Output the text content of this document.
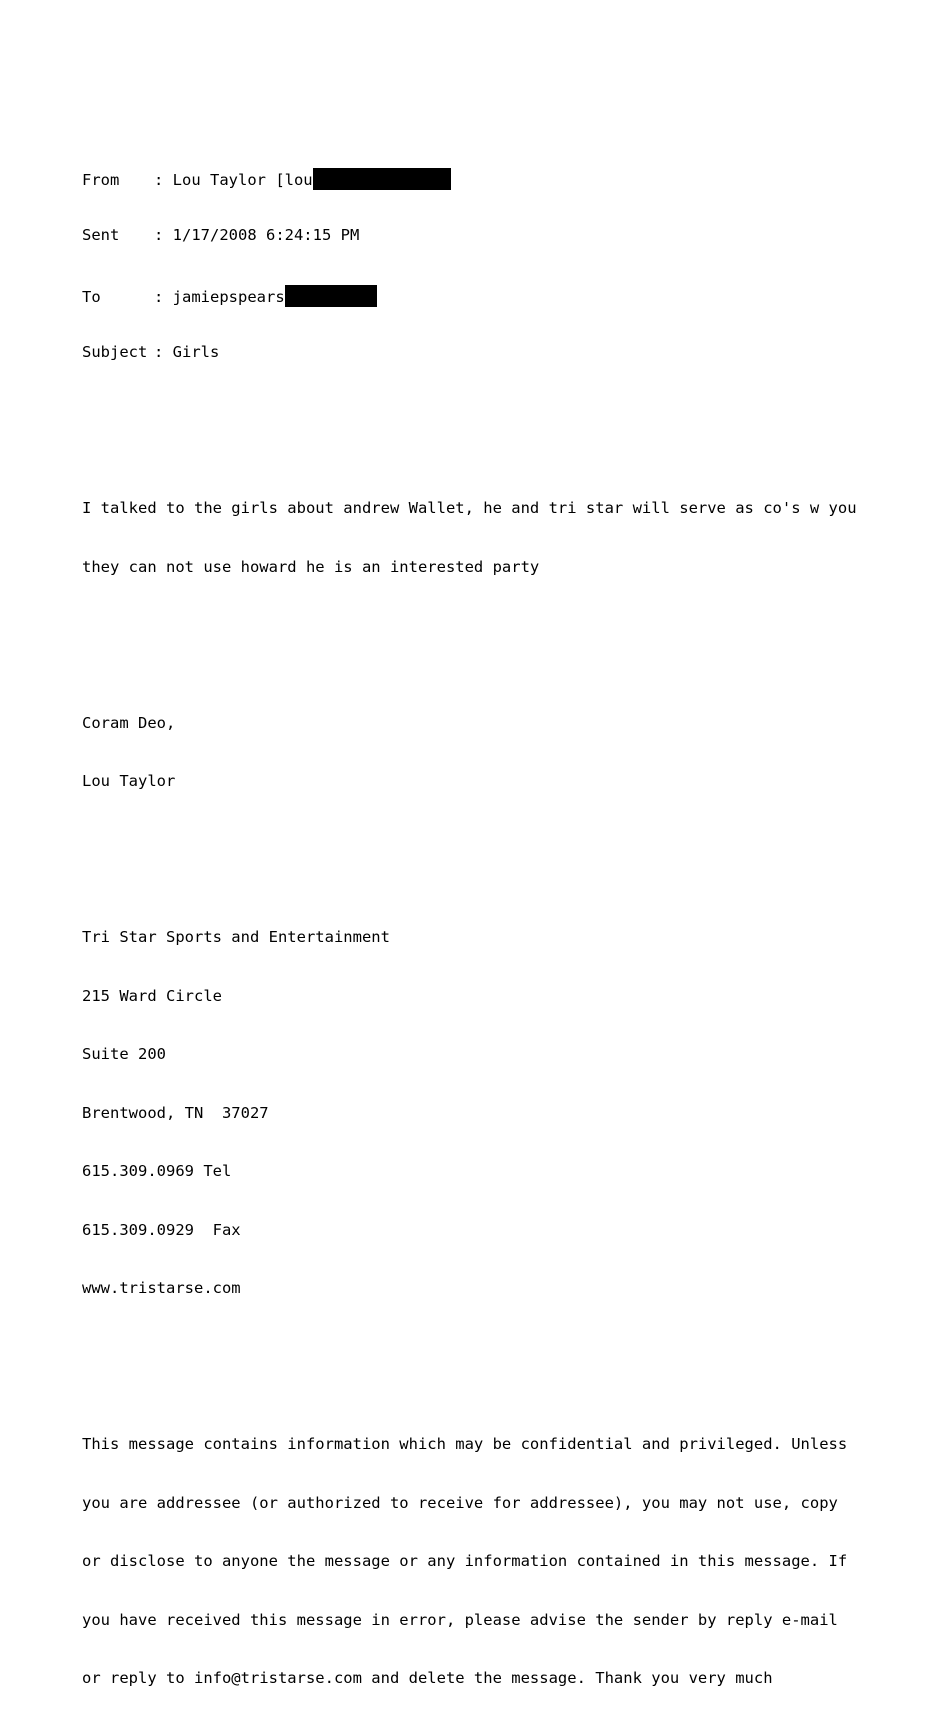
From : Lou Taylor [lou

Sent : 1/17/2008 6:24:15 PM

To	: jamiepspears

Subject : Girls

I talked to the girls about andrew Wallet, he and tri star will serve as co's w you

they can not use howard he is an interested party

Coram Deo,

Lou Taylor

Tri Star Sports and Entertainment

215 Ward Circle

Suite 200

Brentwood, TN  37027

615.309.0969 Tel

615.309.0929  Fax

www.tristarse.com

This message contains information which may be confidential and privileged. Unless

you are addressee (or authorized to receive for addressee), you may not use, copy

or disclose to anyone the message or any information contained in this message. If

you have received this message in error, please advise the sender by reply e-mail

or reply to info@tristarse.com and delete the message. Thank you very much
